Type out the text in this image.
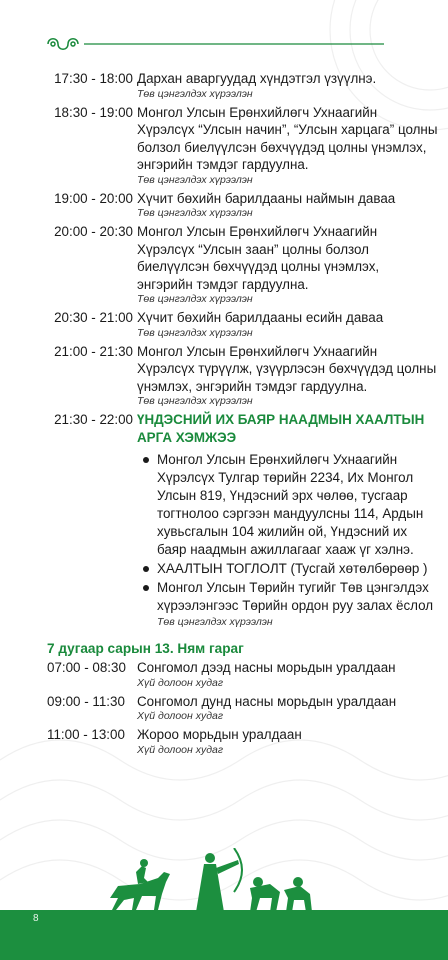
17:30 - 18:00 Дархан аваргуудад хүндэтгэл үзүүлнэ.
Төв цэнгэлдэх хүрээлэн
18:30 - 19:00 Монгол Улсын Ерөнхийлөгч Ухнаагийн Хүрэлсүх “Улсын начин”, “Улсын харцага” цолны болзол биелүүлсэн бөхчүүдэд цолны үнэмлэх, энгэрийн тэмдэг гардуулна.
Төв цэнгэлдэх хүрээлэн
19:00 - 20:00 Хүчит бөхийн барилдааны наймын даваа
Төв цэнгэлдэх хүрээлэн
20:00 - 20:30 Монгол Улсын Ерөнхийлөгч Ухнаагийн Хүрэлсүх “Улсын заан” цолны болзол биелүүлсэн бөхчүүдэд цолны үнэмлэх, энгэрийн тэмдэг гардуулна.
Төв цэнгэлдэх хүрээлэн
20:30 - 21:00 Хүчит бөхийн барилдааны есийн даваа
Төв цэнгэлдэх хүрээлэн
21:00 - 21:30 Монгол Улсын Ерөнхийлөгч Ухнаагийн Хүрэлсүх түрүүлж, үзүүрлэсэн бөхчүүдэд цолны үнэмлэх, энгэрийн тэмдэг гардуулна.
Төв цэнгэлдэх хүрээлэн
21:30 - 22:00 ҮНДЭСНИЙ ИХ БАЯР НААДМЫН ХААЛТЫН АРГА ХЭМЖЭЭ
Монгол Улсын Ерөнхийлөгч Ухнаагийн Хүрэлсүх Тулгар төрийн 2234, Их Монгол Улсын 819, Үндэсний эрх чөлөө, тусгаар тогтнолоо сэргээн мандуулсны 114, Ардын хувьсгалын 104 жилийн ой, Үндэсний их баяр наадмын ажиллагааг хааж үг хэлнэ.
ХААЛТЫН ТОГЛОЛТ (Тусгай хөтөлбөрөөр )
Монгол Улсын Төрийн тугийг Төв цэнгэлдэх хүрээлэнгээс Төрийн ордон руу залах ёслол
Төв цэнгэлдэх хүрээлэн
7 дугаар сарын 13. Ням гараг
07:00 - 08:30 Сонгомол дээд насны морьдын уралдаан
Хүй долоон худаг
09:00 - 11:30 Сонгомол дунд насны морьдын уралдаан
Хүй долоон худаг
11:00 - 13:00 Жороо морьдын уралдаан
Хүй долоон худаг
8
